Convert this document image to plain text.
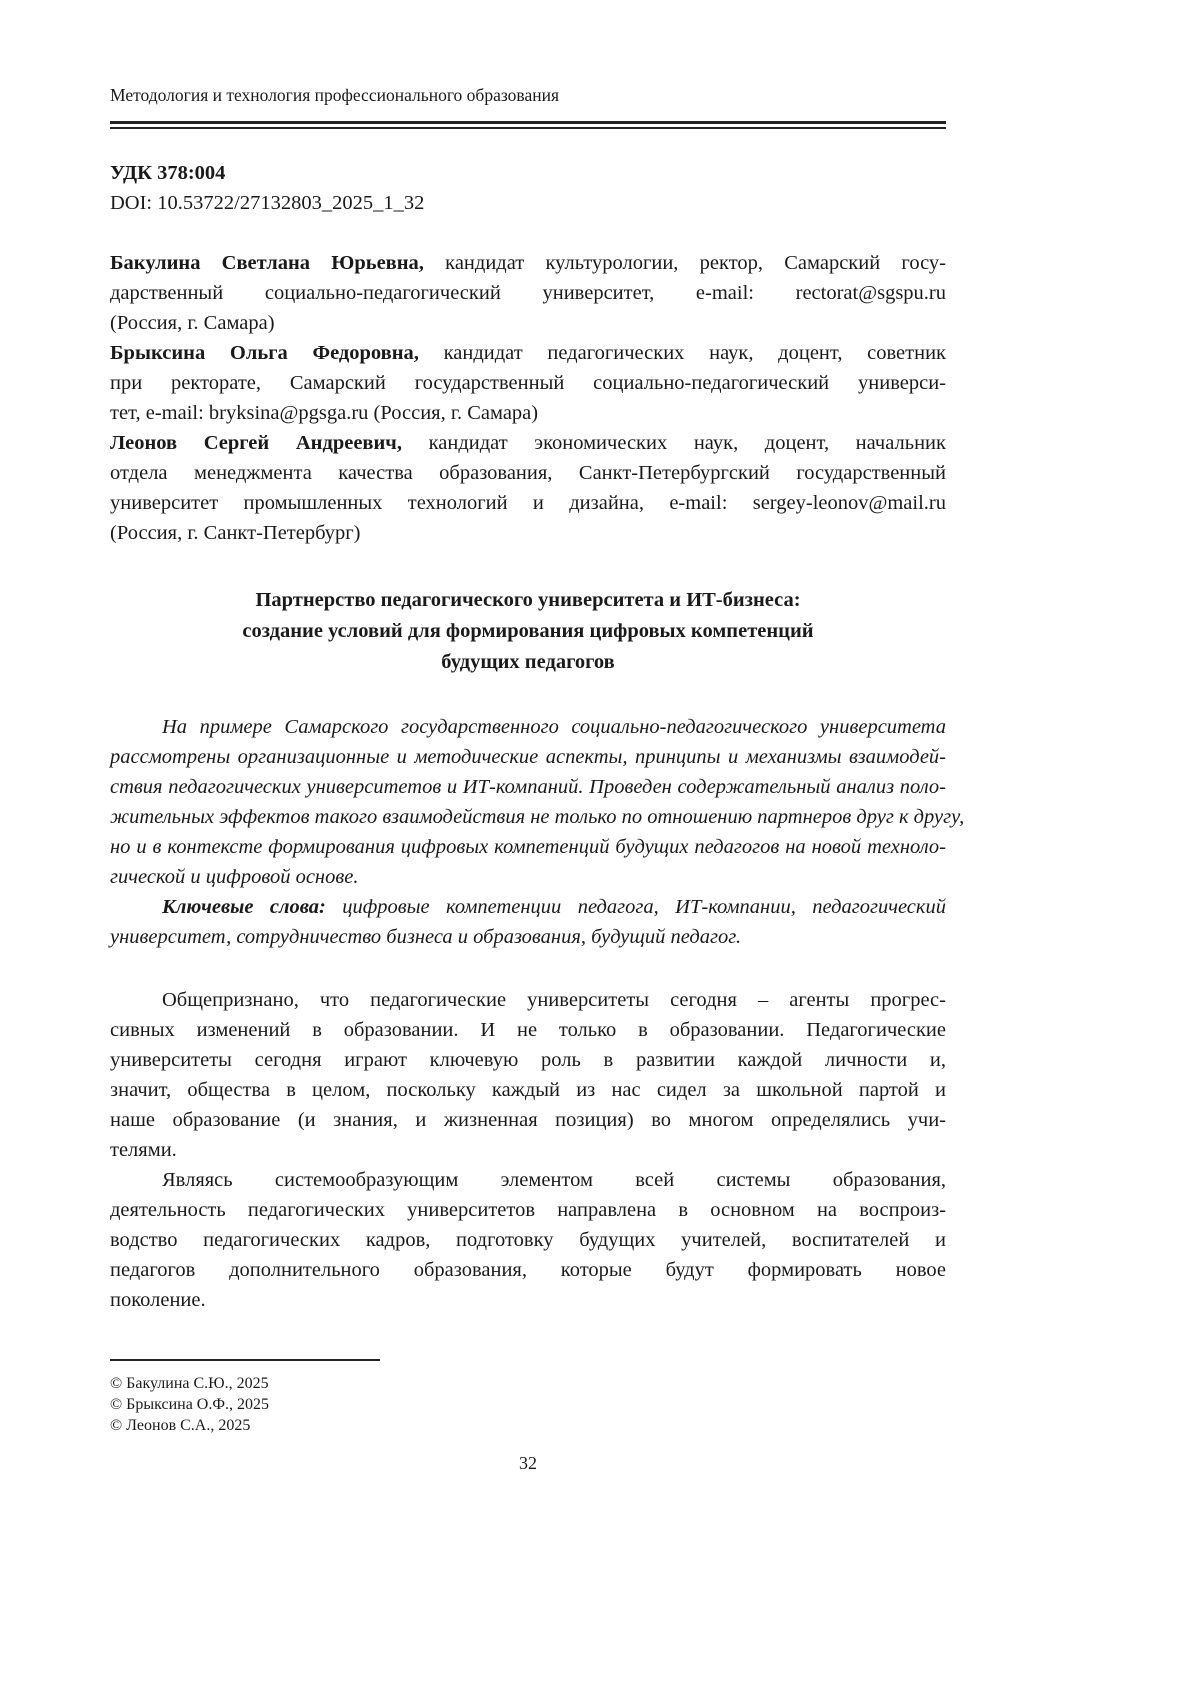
Методология и технология профессионального образования
УДК 378:004
DOI: 10.53722/27132803_2025_1_32
Бакулина Светлана Юрьевна, кандидат культурологии, ректор, Самарский госу-
дарственный социально-педагогический университет, e-mail: rectorat@sgspu.ru
(Россия, г. Самара)
Брыксина Ольга Федоровна, кандидат педагогических наук, доцент, советник
при ректорате, Самарский государственный социально-педагогический универси-
тет, e-mail: bryksina@pgsga.ru (Россия, г. Самара)
Леонов Сергей Андреевич, кандидат экономических наук, доцент, начальник
отдела менеджмента качества образования, Санкт-Петербургский государственный
университет промышленных технологий и дизайна, e-mail: sergey-leonov@mail.ru
(Россия, г. Санкт-Петербург)
Партнерство педагогического университета и ИТ-бизнеса:
создание условий для формирования цифровых компетенций
будущих педагогов
На примере Самарского государственного социально-педагогического университета
рассмотрены организационные и методические аспекты, принципы и механизмы взаимодей-
ствия педагогических университетов и ИТ-компаний. Проведен содержательный анализ поло-
жительных эффектов такого взаимодействия не только по отношению партнеров друг к другу,
но и в контексте формирования цифровых компетенций будущих педагогов на новой техноло-
гической и цифровой основе.
Ключевые слова: цифровые компетенции педагога, ИТ-компании, педагогический
университет, сотрудничество бизнеса и образования, будущий педагог.
Общепризнано, что педагогические университеты сегодня – агенты прогрес-
сивных изменений в образовании. И не только в образовании. Педагогические
университеты сегодня играют ключевую роль в развитии каждой личности и,
значит, общества в целом, поскольку каждый из нас сидел за школьной партой и
наше образование (и знания, и жизненная позиция) во многом определялись учи-
телями.
Являясь системообразующим элементом всей системы образования,
деятельность педагогических университетов направлена в основном на воспроиз-
водство педагогических кадров, подготовку будущих учителей, воспитателей и
педагогов дополнительного образования, которые будут формировать новое
поколение.
© Бакулина С.Ю., 2025
© Брыксина О.Ф., 2025
© Леонов С.А., 2025
32
